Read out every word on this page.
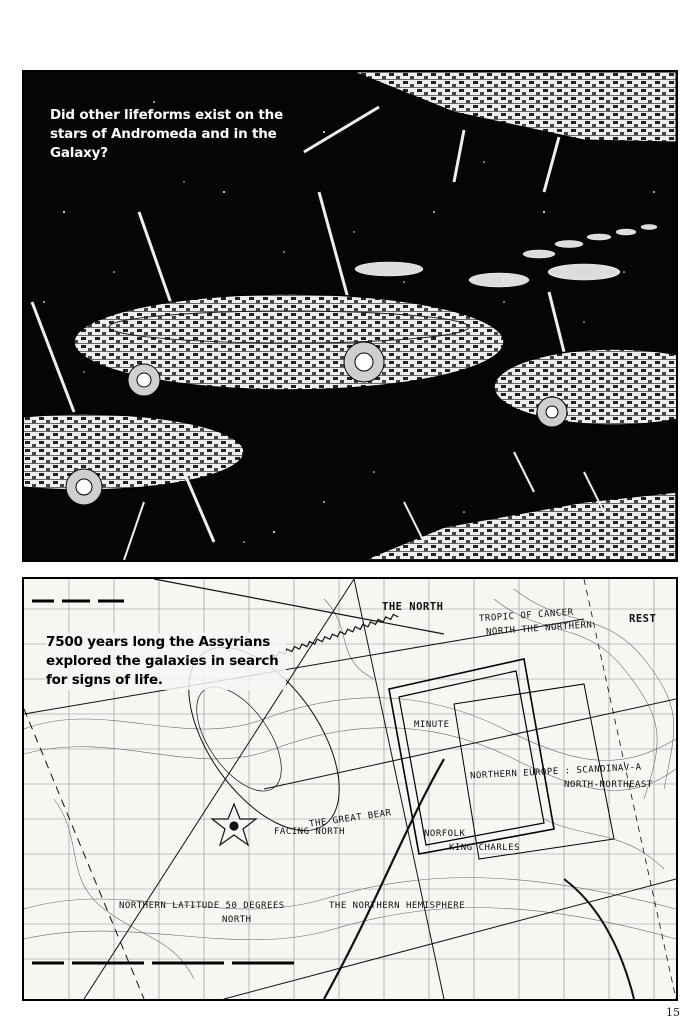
Did other lifeforms exist on the stars of Andromeda and in the Galaxy?
THE NORTH
TROPIC OF CANCER
NORTH THE NORTHERN
REST
MINUTE
NORTHERN EUROPE : SCANDINAV-A
NORTH-NORTHEAST
THE GREAT BEAR
FACING NORTH	NORFOLK
KING CHARLES
NORTHERN LATITUDE 50 DEGREES
NORTH
THE NORTHERN HEMISPHERE
7500 years long the Assyrians explored the galaxies in search for signs of life.
15
